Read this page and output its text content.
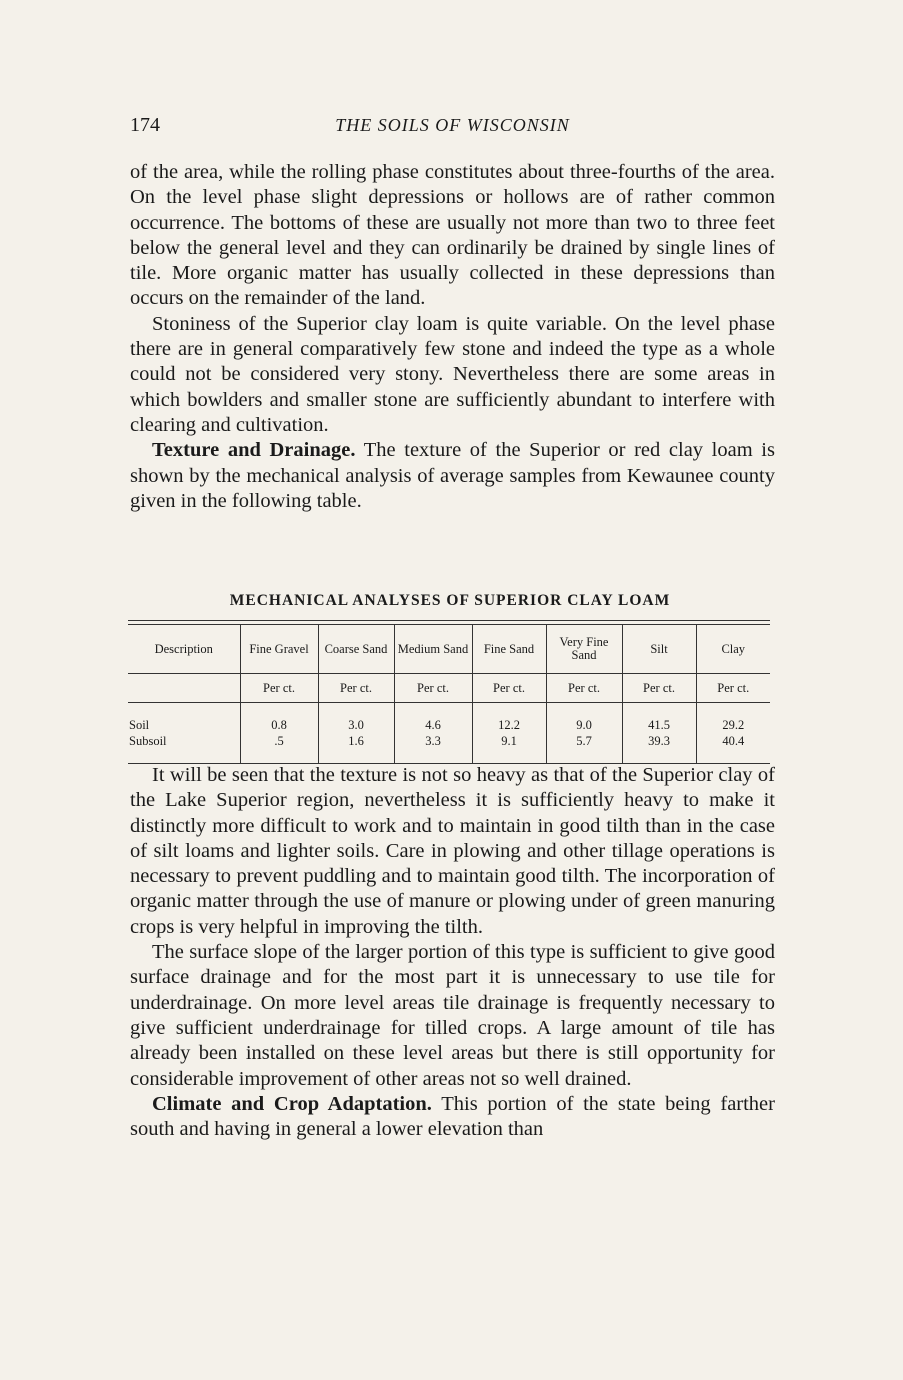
174	THE SOILS OF WISCONSIN

of the area, while the rolling phase constitutes about three-fourths of the area. On the level phase slight depressions or hollows are of rather common occurrence. The bottoms of these are usually not more than two to three feet below the general level and they can ordinarily be drained by single lines of tile. More organic matter has usually collected in these depressions than occurs on the remainder of the land.

Stoniness of the Superior clay loam is quite variable. On the level phase there are in general comparatively few stone and indeed the type as a whole could not be considered very stony. Nevertheless there are some areas in which bowlders and smaller stone are sufficiently abundant to interfere with clearing and cultivation.

Texture and Drainage. The texture of the Superior or red clay loam is shown by the mechanical analysis of average samples from Kewaunee county given in the following table.

MECHANICAL ANALYSES OF SUPERIOR CLAY LOAM
Description	Fine Gravel	Coarse Sand	Medium Sand	Fine Sand	Very Fine Sand	Silt	Clay
	Per ct.	Per ct.	Per ct.	Per ct.	Per ct.	Per ct.	Per ct.

Soil	0.8	3.0	4.6	12.2	9.0	41.5	29.2
Subsoil	.5	1.6	3.3	9.1	5.7	39.3	40.4

It will be seen that the texture is not so heavy as that of the Superior clay of the Lake Superior region, nevertheless it is sufficiently heavy to make it distinctly more difficult to work and to maintain in good tilth than in the case of silt loams and lighter soils. Care in plowing and other tillage operations is necessary to prevent puddling and to maintain good tilth. The incorporation of organic matter through the use of manure or plowing under of green manuring crops is very helpful in improving the tilth.

The surface slope of the larger portion of this type is sufficient to give good surface drainage and for the most part it is unnecessary to use tile for underdrainage. On more level areas tile drainage is frequently necessary to give sufficient underdrainage for tilled crops. A large amount of tile has already been installed on these level areas but there is still opportunity for considerable improvement of other areas not so well drained.

Climate and Crop Adaptation. This portion of the state being farther south and having in general a lower elevation than
